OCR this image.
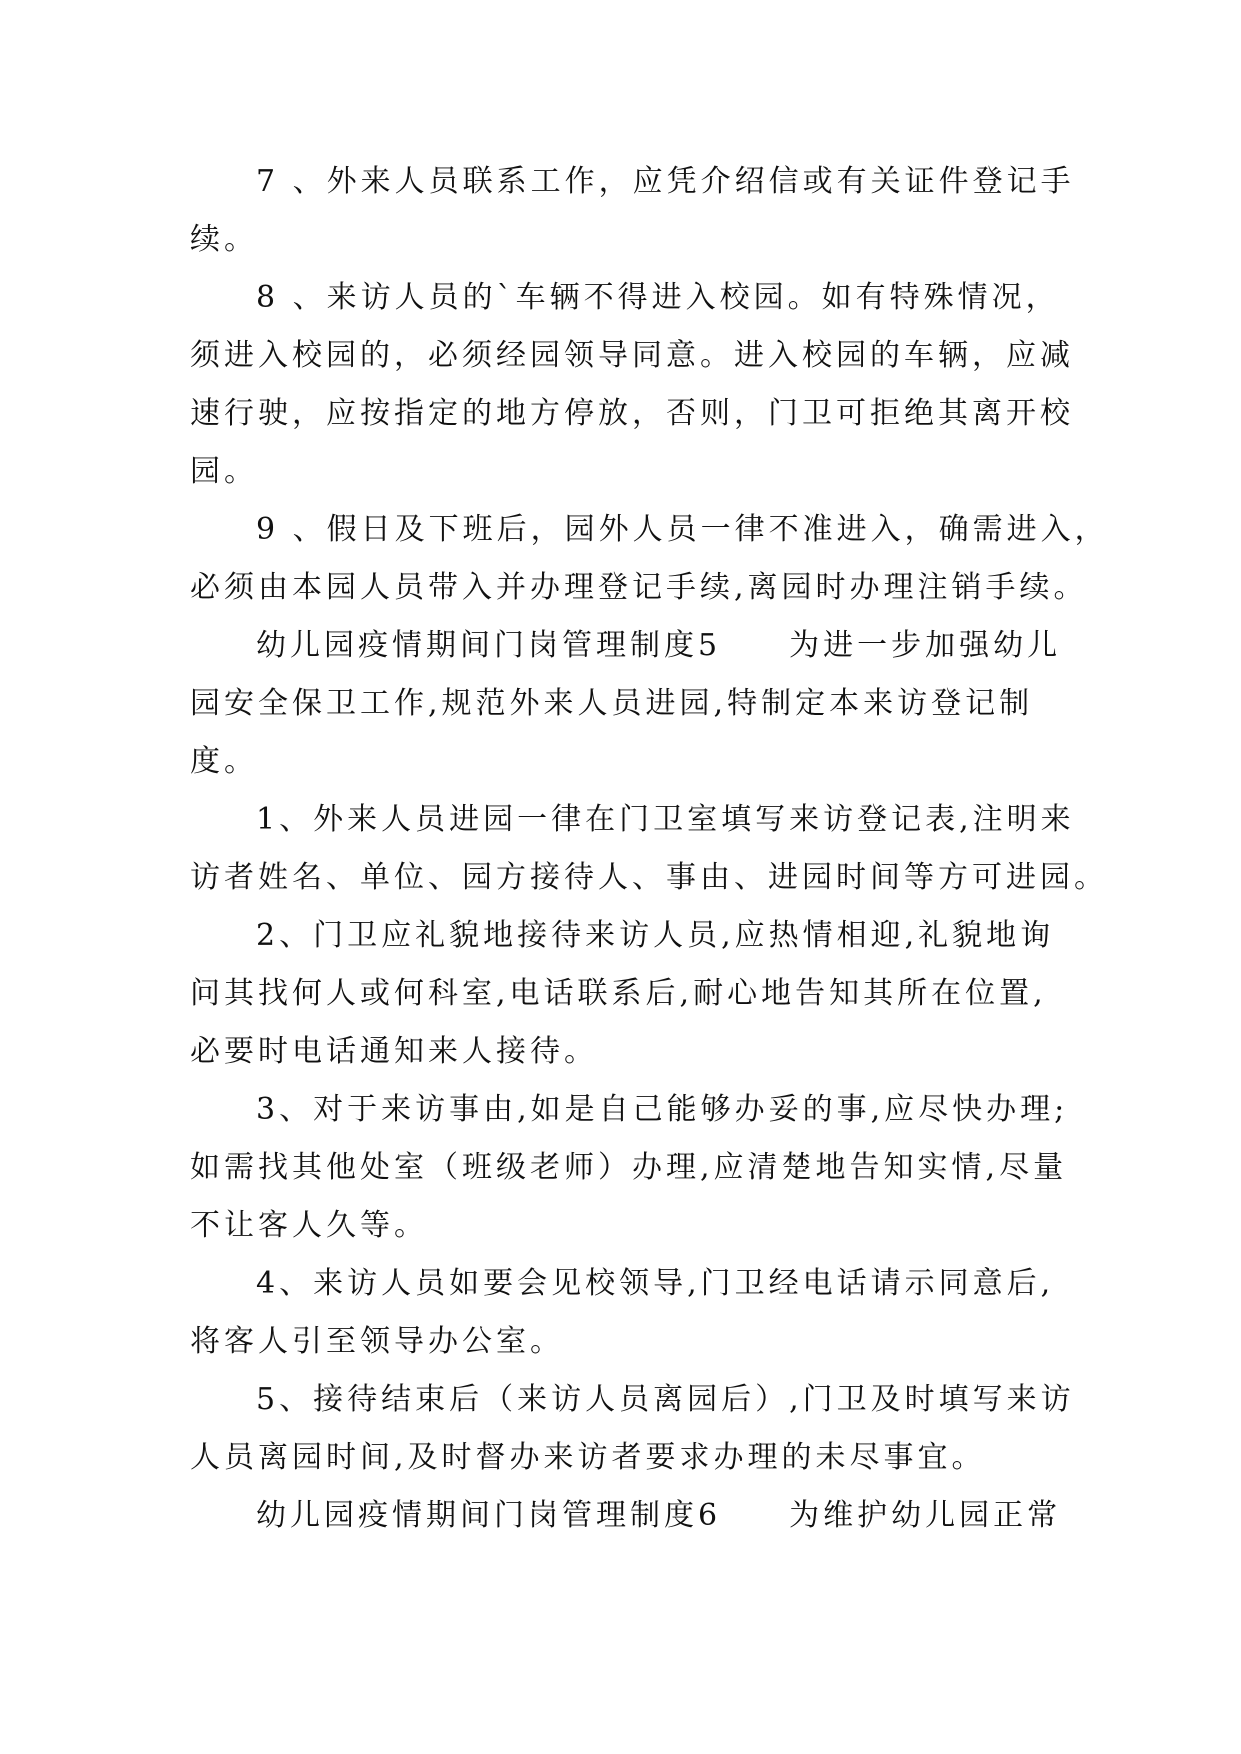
7 、外来人员联系工作，应凭介绍信或有关证件登记手
续。

8 、来访人员的`车辆不得进入校园。如有特殊情况，
须进入校园的，必须经园领导同意。进入校园的车辆，应减
速行驶，应按指定的地方停放，否则，门卫可拒绝其离开校
园。

9 、假日及下班后，园外人员一律不准进入，确需进入，
必须由本园人员带入并办理登记手续,离园时办理注销手续。

幼儿园疫情期间门岗管理制度5　　为进一步加强幼儿
园安全保卫工作,规范外来人员进园,特制定本来访登记制
度。

1、外来人员进园一律在门卫室填写来访登记表,注明来
访者姓名、单位、园方接待人、事由、进园时间等方可进园。

2、门卫应礼貌地接待来访人员,应热情相迎,礼貌地询
问其找何人或何科室,电话联系后,耐心地告知其所在位置,
必要时电话通知来人接待。

3、对于来访事由,如是自己能够办妥的事,应尽快办理;
如需找其他处室（班级老师）办理,应清楚地告知实情,尽量
不让客人久等。

4、来访人员如要会见校领导,门卫经电话请示同意后,
将客人引至领导办公室。

5、接待结束后（来访人员离园后）,门卫及时填写来访
人员离园时间,及时督办来访者要求办理的未尽事宜。

幼儿园疫情期间门岗管理制度6　　为维护幼儿园正常
